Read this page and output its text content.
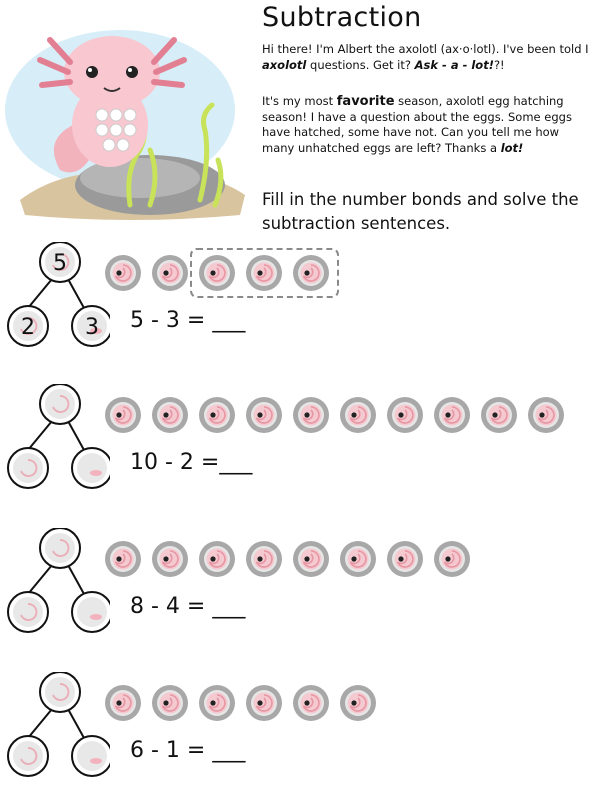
Subtraction
Hi there! I'm Albert the axolotl (ax·o·lotl). I've been told I axolotl questions. Get it? Ask - a - lot!?!
It's my most favorite season, axolotl egg hatching season! I have a question about the eggs. Some eggs have hatched, some have not. Can you tell me how many unhatched eggs are left? Thanks a lot!
Fill in the number bonds and solve the subtraction sentences.
5
2 3 5 - 3 = ___
10 - 2 =___
8 - 4 = ___
6 - 1 = ___
